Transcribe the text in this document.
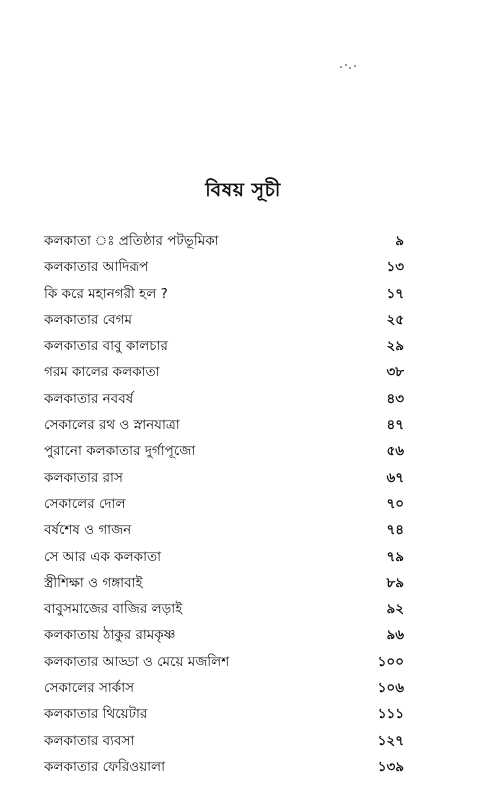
বিষয় সূচী
কলকাতা ঃ প্রতিষ্ঠার পটভূমিকা	৯
কলকাতার আদিরূপ	১৩
কি করে মহানগরী হল ?	১৭
কলকাতার বেগম	২৫
কলকাতার বাবু কালচার	২৯
গরম কালের কলকাতা	৩৮
কলকাতার নববর্ষ	৪৩
সেকালের রথ ও স্নানযাত্রা	৪৭
পুরানো কলকাতার দুর্গাপূজো	৫৬
কলকাতার রাস	৬৭
সেকালের দোল	৭০
বর্ষশেষ ও গাজন	৭৪
সে আর এক কলকাতা	৭৯
স্ত্রীশিক্ষা ও গঙ্গাবাই	৮৯
বাবুসমাজের বাজির লড়াই	৯২
কলকাতায় ঠাকুর রামকৃষ্ণ	৯৬
কলকাতার আড্ডা ও মেয়ে মজলিশ	১০০
সেকালের সার্কাস	১০৬
কলকাতার থিয়েটার	১১১
কলকাতার ব্যবসা	১২৭
কলকাতার ফেরিওয়ালা	১৩৯
